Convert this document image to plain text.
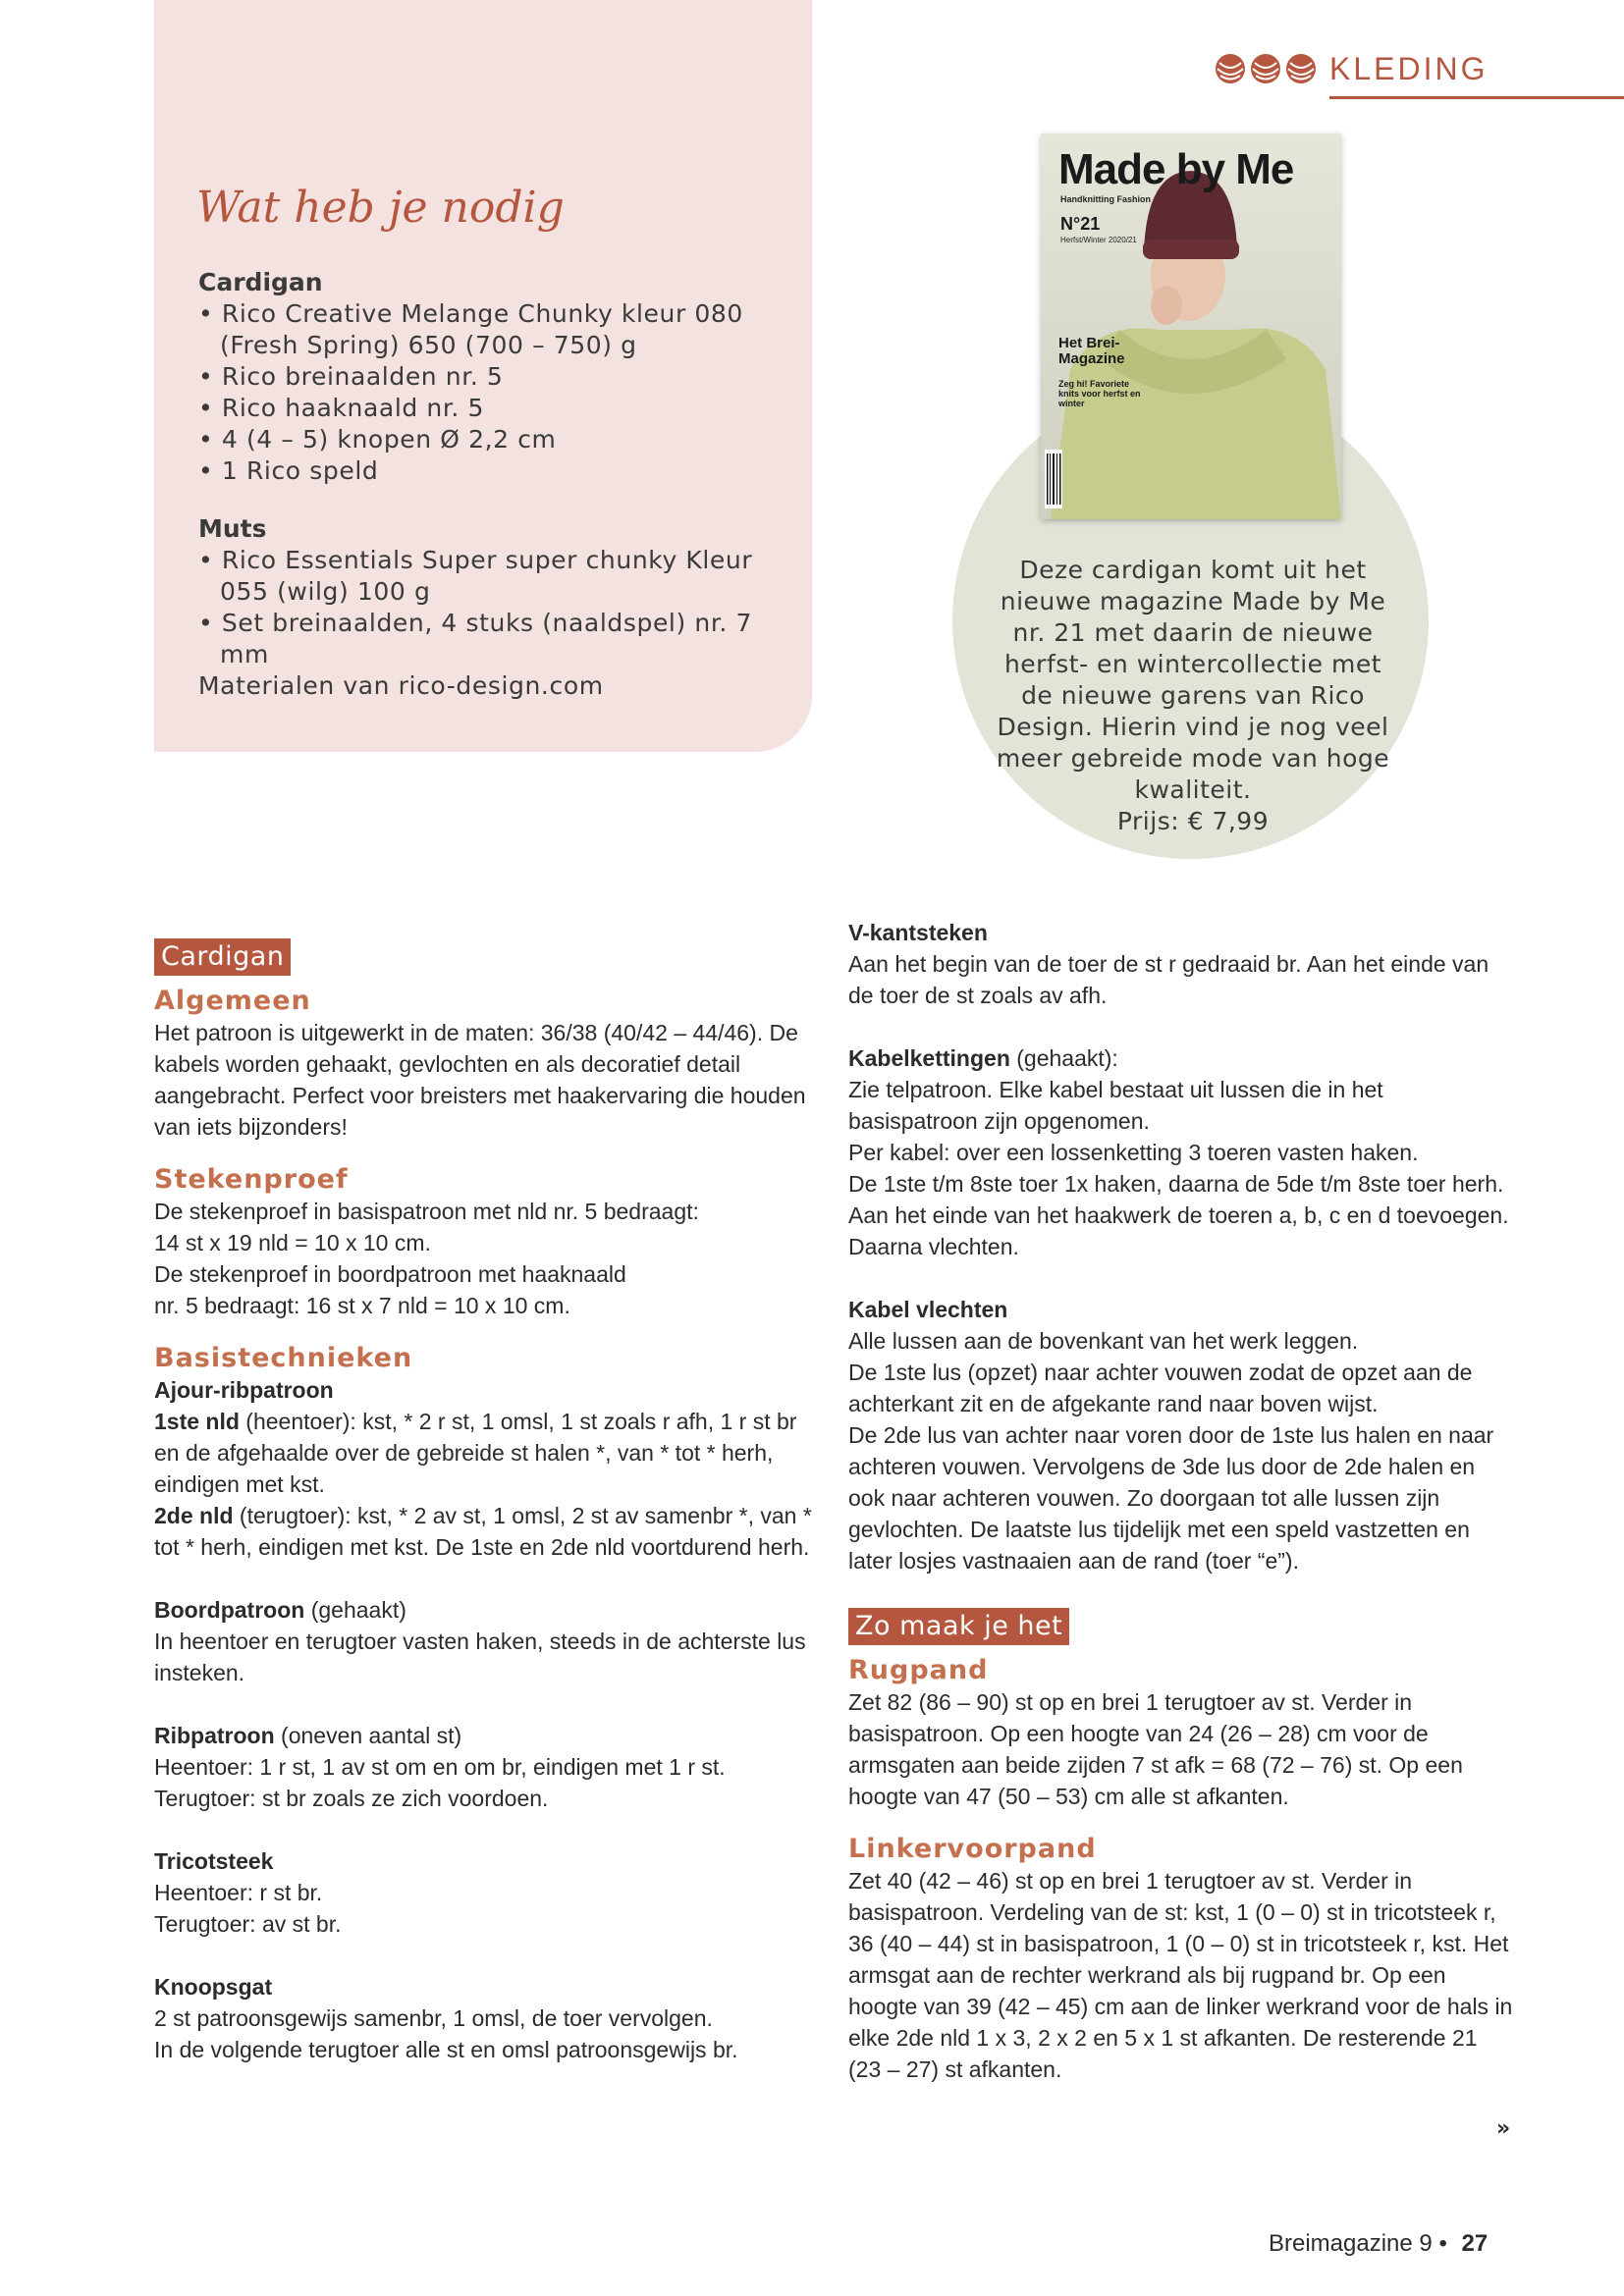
KLEDING
Wat heb je nodig
Cardigan
• Rico Creative Melange Chunky kleur 080 (Fresh Spring) 650 (700 – 750) g
• Rico breinaalden nr. 5
• Rico haaknaald nr. 5
• 4 (4 – 5) knopen Ø 2,2 cm
• 1 Rico speld
Muts
• Rico Essentials Super super chunky Kleur 055 (wilg) 100 g
• Set breinaalden, 4 stuks (naaldspel) nr. 7 mm
Materialen van rico-design.com
Made by Me
Handknitting Fashion
N°21
Herfst/Winter 2020/21
Het Brei-Magazine
Zeg hi! Favoriete knits voor herfst en winter
Deze cardigan komt uit het nieuwe magazine Made by Me nr. 21 met daarin de nieuwe herfst- en wintercollectie met de nieuwe garens van Rico Design. Hierin vind je nog veel meer gebreide mode van hoge kwaliteit.
Prijs: € 7,99
Cardigan
Algemeen
Het patroon is uitgewerkt in de maten: 36/38 (40/42 – 44/46). De kabels worden gehaakt, gevlochten en als decoratief detail aangebracht. Perfect voor breisters met haakervaring die houden van iets bijzonders!
Stekenproef
De stekenproef in basispatroon met nld nr. 5 bedraagt:
14 st x 19 nld = 10 x 10 cm.
De stekenproef in boordpatroon met haaknaald
nr. 5 bedraagt: 16 st x 7 nld = 10 x 10 cm.
Basistechnieken
Ajour-ribpatroon
1ste nld (heentoer): kst, * 2 r st, 1 omsl, 1 st zoals r afh, 1 r st br en de afgehaalde over de gebreide st halen *, van * tot * herh, eindigen met kst.
2de nld (terugtoer): kst, * 2 av st, 1 omsl, 2 st av samenbr *, van * tot * herh, eindigen met kst. De 1ste en 2de nld voortdurend herh.
Boordpatroon (gehaakt)
In heentoer en terugtoer vasten haken, steeds in de achterste lus insteken.
Ribpatroon (oneven aantal st)
Heentoer: 1 r st, 1 av st om en om br, eindigen met 1 r st.
Terugtoer: st br zoals ze zich voordoen.
Tricotsteek
Heentoer: r st br.
Terugtoer: av st br.
Knoopsgat
2 st patroonsgewijs samenbr, 1 omsl, de toer vervolgen.
In de volgende terugtoer alle st en omsl patroonsgewijs br.
V-kantsteken
Aan het begin van de toer de st r gedraaid br. Aan het einde van de toer de st zoals av afh.
Kabelkettingen (gehaakt):
Zie telpatroon. Elke kabel bestaat uit lussen die in het basispatroon zijn opgenomen.
Per kabel: over een lossenketting 3 toeren vasten haken.
De 1ste t/m 8ste toer 1x haken, daarna de 5de t/m 8ste toer herh. Aan het einde van het haakwerk de toeren a, b, c en d toevoegen. Daarna vlechten.
Kabel vlechten
Alle lussen aan de bovenkant van het werk leggen.
De 1ste lus (opzet) naar achter vouwen zodat de opzet aan de achterkant zit en de afgekante rand naar boven wijst.
De 2de lus van achter naar voren door de 1ste lus halen en naar achteren vouwen. Vervolgens de 3de lus door de 2de halen en ook naar achteren vouwen. Zo doorgaan tot alle lussen zijn gevlochten. De laatste lus tijdelijk met een speld vastzetten en later losjes vastnaaien aan de rand (toer “e”).
Zo maak je het
Rugpand
Zet 82 (86 – 90) st op en brei 1 terugtoer av st. Verder in basispatroon. Op een hoogte van 24 (26 – 28) cm voor de armsgaten aan beide zijden 7 st afk = 68 (72 – 76) st. Op een hoogte van 47 (50 – 53) cm alle st afkanten.
Linkervoorpand
Zet 40 (42 – 46) st op en brei 1 terugtoer av st. Verder in basispatroon. Verdeling van de st: kst, 1 (0 – 0) st in tricotsteek r, 36 (40 – 44) st in basispatroon, 1 (0 – 0) st in tricotsteek r, kst. Het armsgat aan de rechter werkrand als bij rugpand br. Op een hoogte van 39 (42 – 45) cm aan de linker werkrand voor de hals in elke 2de nld 1 x 3, 2 x 2 en 5 x 1 st afkanten. De resterende 21 (23 – 27) st afkanten.
»
Breimagazine 9 • 27
